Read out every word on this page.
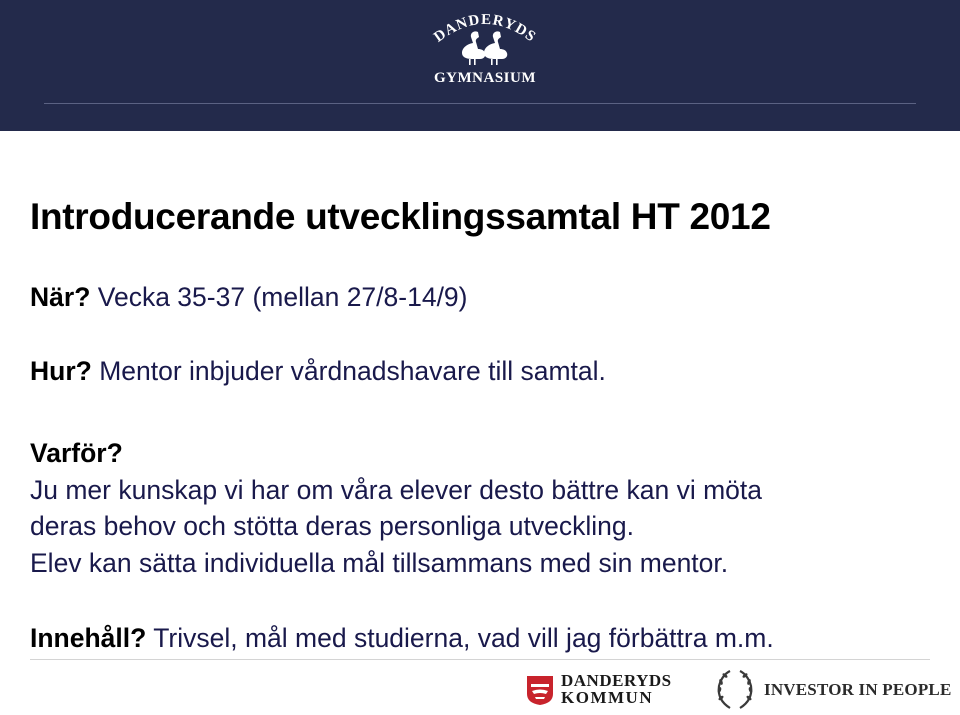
DANDERYDS
GYMNASIUM
Introducerande utvecklingssamtal HT 2012

När? Vecka 35-37 (mellan 27/8-14/9)

Hur? Mentor inbjuder vårdnadshavare till samtal.

Varför?

Ju mer kunskap vi har om våra elever desto bättre kan vi möta

deras behov och stötta deras personliga utveckling.

Elev kan sätta individuella mål tillsammans med sin mentor.

Innehåll? Trivsel, mål med studierna, vad vill jag förbättra m.m.

DANDERYDS
KOMMUN	INVESTOR IN PEOPLE
